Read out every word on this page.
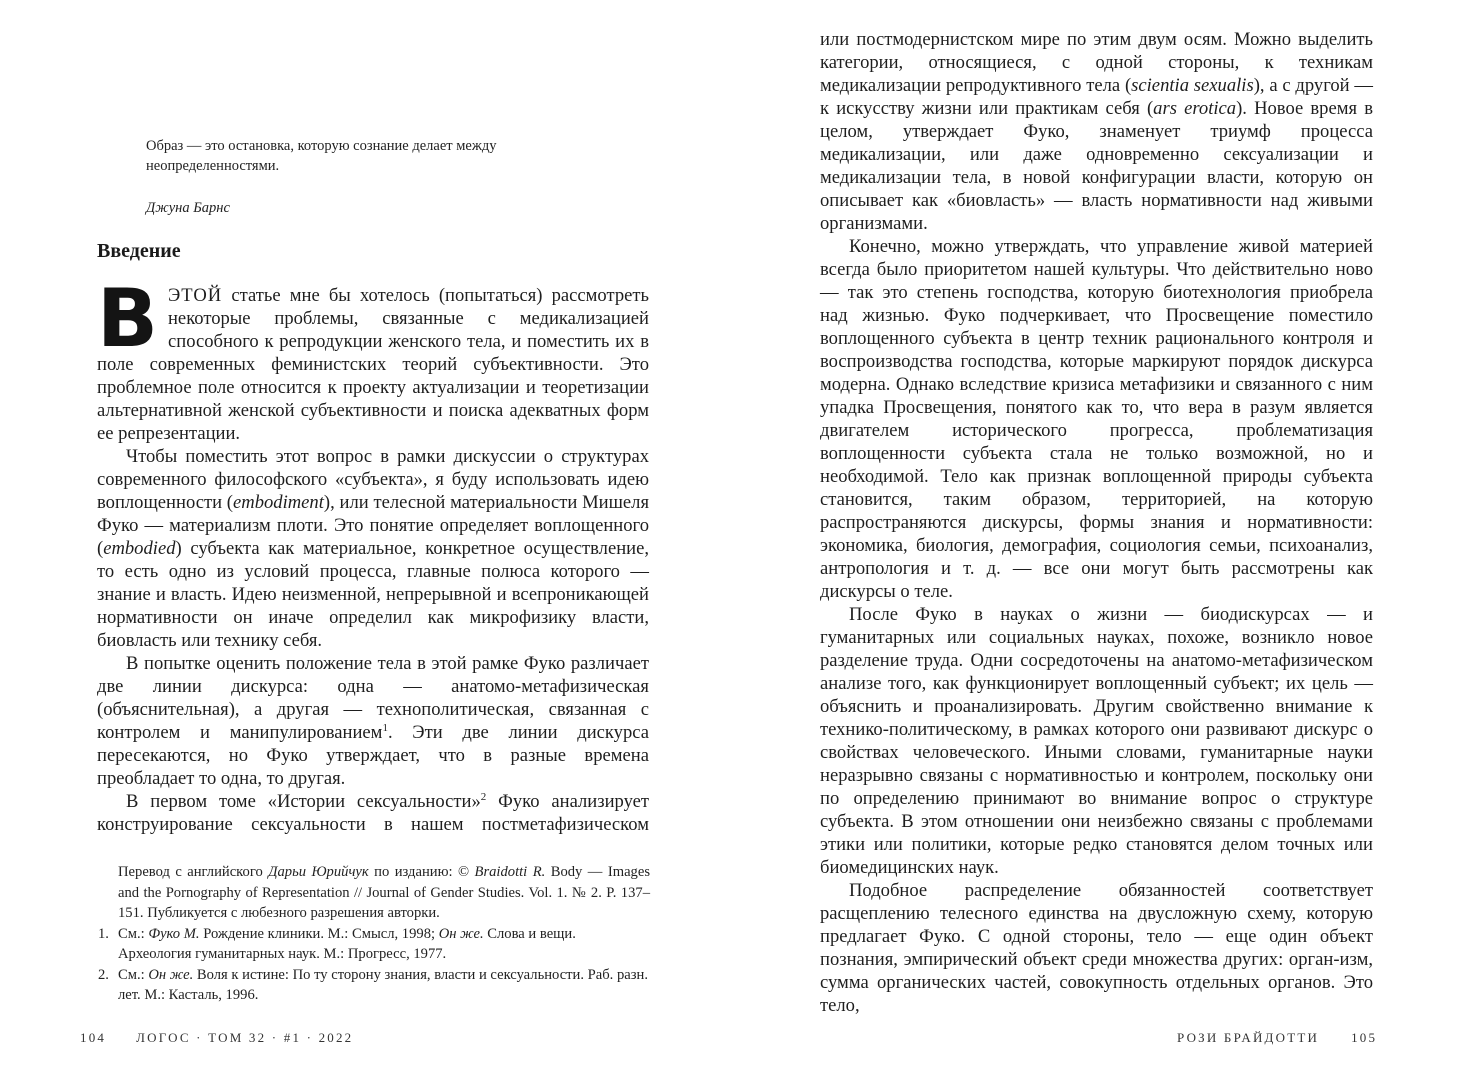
Образ — это остановка, которую сознание делает между неопределенностями.

Джуна Барнс

Введение

ВЭТОЙ статье мне бы хотелось (попытаться) рассмотреть некоторые проблемы, связанные с медикализацией способного к репродукции женского тела, и поместить их в поле современных феминистских теорий субъективности. Это проблемное поле относится к проекту актуализации и теоретизации альтернативной женской субъективности и поиска адекватных форм ее репрезентации.

Чтобы поместить этот вопрос в рамки дискуссии о структурах современного философского «субъекта», я буду использовать идею воплощенности (embodiment), или телесной материальности Мишеля Фуко — материализм плоти. Это понятие определяет воплощенного (embodied) субъекта как материальное, конкретное осуществление, то есть одно из условий процесса, главные полюса которого — знание и власть. Идею неизменной, непрерывной и всепроникающей нормативности он иначе определил как микрофизику власти, биовласть или технику себя.

В попытке оценить положение тела в этой рамке Фуко различает две линии дискурса: одна — анатомо-метафизическая (объяснительная), а другая — технополитическая, связанная с контролем и манипулированием$^1$. Эти две линии дискурса пересекаются, но Фуко утверждает, что в разные времена преобладает то одна, то другая.

В первом томе «Истории сексуальности»$^2$ Фуко анализирует конструирование сексуальности в нашем постметафизическом

Перевод с английского Дарьи Юрийчук по изданию: © Braidotti R. Body — Images and the Pornography of Representation // Journal of Gender Studies. Vol. 1. № 2. P. 137–151. Публикуется с любезного разрешения авторки.

1. См.: Фуко М. Рождение клиники. М.: Смысл, 1998; Он же. Слова и вещи. Археология гуманитарных наук. М.: Прогресс, 1977.

2. См.: Он же. Воля к истине: По ту сторону знания, власти и сексуальности. Раб. разн. лет. М.: Касталь, 1996.

104 ЛОГОС · ТОМ 32 · #1 · 2022

или постмодернистском мире по этим двум осям. Можно выделить категории, относящиеся, с одной стороны, к техникам медикализации репродуктивного тела (scientia sexualis), а с другой — к искусству жизни или практикам себя (ars erotica). Новое время в целом, утверждает Фуко, знаменует триумф процесса медикализации, или даже одновременно сексуализации и медикализации тела, в новой конфигурации власти, которую он описывает как «биовласть» — власть нормативности над живыми организмами.

Конечно, можно утверждать, что управление живой материей всегда было приоритетом нашей культуры. Что действительно ново — так это степень господства, которую биотехнология приобрела над жизнью. Фуко подчеркивает, что Просвещение поместило воплощенного субъекта в центр техник рационального контроля и воспроизводства господства, которые маркируют порядок дискурса модерна. Однако вследствие кризиса метафизики и связанного с ним упадка Просвещения, понятого как то, что вера в разум является двигателем исторического прогресса, проблематизация воплощенности субъекта стала не только возможной, но и необходимой. Тело как признак воплощенной природы субъекта становится, таким образом, территорией, на которую распространяются дискурсы, формы знания и нормативности: экономика, биология, демография, социология семьи, психоанализ, антропология и т. д. — все они могут быть рассмотрены как дискурсы о теле.

После Фуко в науках о жизни — биодискурсах — и гуманитарных или социальных науках, похоже, возникло новое разделение труда. Одни сосредоточены на анатомо-метафизическом анализе того, как функционирует воплощенный субъект; их цель — объяснить и проанализировать. Другим свойственно внимание к технико-политическому, в рамках которого они развивают дискурс о свойствах человеческого. Иными словами, гуманитарные науки неразрывно связаны с нормативностью и контролем, поскольку они по определению принимают во внимание вопрос о структуре субъекта. В этом отношении они неизбежно связаны с проблемами этики или политики, которые редко становятся делом точных или биомедицинских наук.

Подобное распределение обязанностей соответствует расщеплению телесного единства на двусложную схему, которую предлагает Фуко. С одной стороны, тело — еще один объект познания, эмпирический объект среди множества других: орган-изм, сумма органических частей, совокупность отдельных органов. Это тело,

РОЗИ БРАЙДОТТИ 105
